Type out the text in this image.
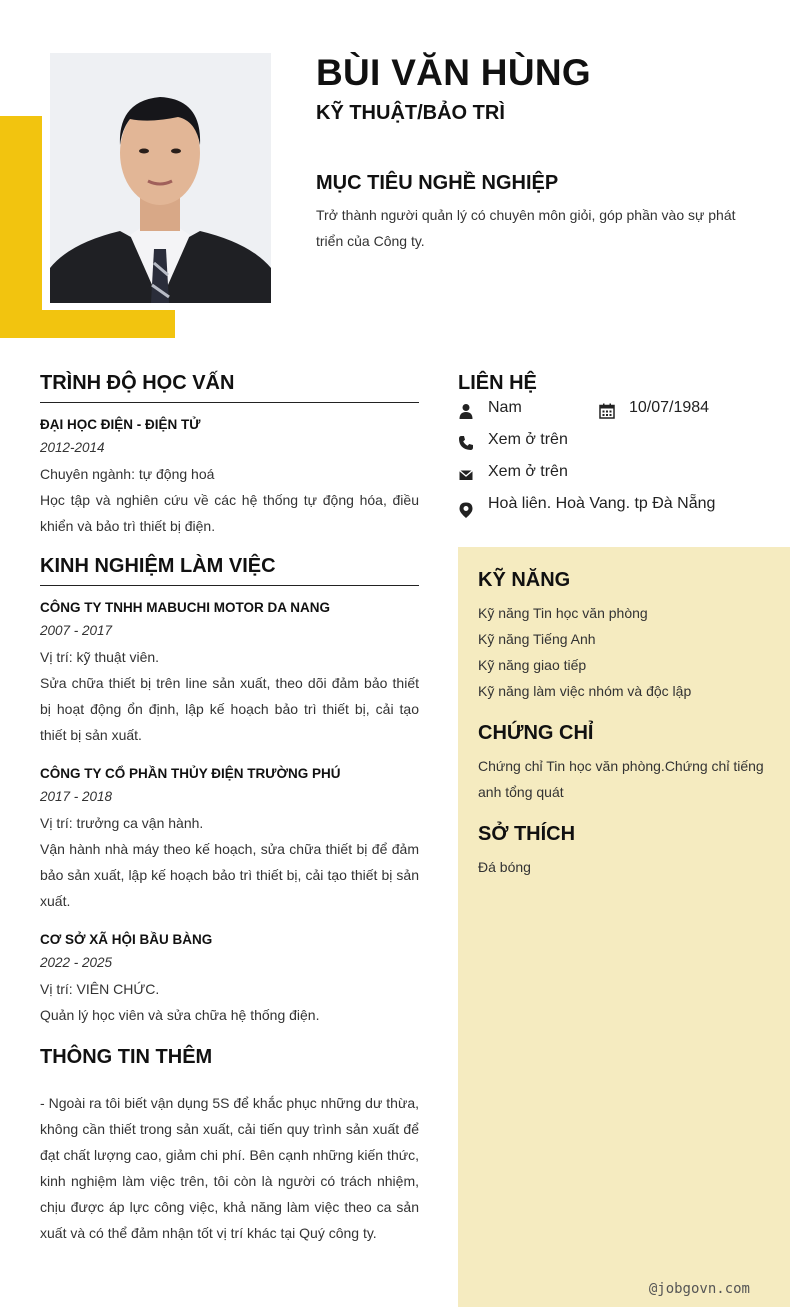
BÙI VĂN HÙNG
KỸ THUẬT/BẢO TRÌ
MỤC TIÊU NGHỀ NGHIỆP

Trở thành người quản lý có chuyên môn giỏi, góp phần vào sự phát triển của Công ty.

TRÌNH ĐỘ HỌC VẤN
ĐẠI HỌC ĐIỆN - ĐIỆN TỬ
2012-2014
Chuyên ngành: tự động hoá
Học tập và nghiên cứu về các hệ thống tự động hóa, điều khiển và bảo trì thiết bị điện.
KINH NGHIỆM LÀM VIỆC
CÔNG TY TNHH MABUCHI MOTOR DA NANG
2007 - 2017
Vị trí: kỹ thuật viên.
Sửa chữa thiết bị trên line sản xuất, theo dõi đảm bảo thiết bị hoạt động ổn định, lập kế hoạch bảo trì thiết bị, cải tạo thiết bị sản xuất.
CÔNG TY CỔ PHẦN THỦY ĐIỆN TRƯỜNG PHÚ
2017 - 2018
Vị trí: trưởng ca vận hành.
Vận hành nhà máy theo kế hoạch, sửa chữa thiết bị để đảm bảo sản xuất, lập kế hoạch bảo trì thiết bị, cải tạo thiết bị sản xuất.
CƠ SỞ XÃ HỘI BẦU BÀNG
2022 - 2025
Vị trí: VIÊN CHỨC.
Quản lý học viên và sửa chữa hệ thống điện.
THÔNG TIN THÊM
- Ngoài ra tôi biết vận dụng 5S để khắc phục những dư thừa, không cần thiết trong sản xuất, cải tiến quy trình sản xuất để đạt chất lượng cao, giảm chi phí. Bên cạnh những kiến thức, kinh nghiệm làm việc trên, tôi còn là người có trách nhiệm, chịu được áp lực công việc, khả năng làm việc theo ca sản xuất và có thể đảm nhận tốt vị trí khác tại Quý công ty.
LIÊN HỆ
Nam	10/07/1984
Xem ở trên
Xem ở trên
Hoà liên. Hoà Vang. tp Đà Nẵng
KỸ NĂNG
Kỹ năng Tin học văn phòng
Kỹ năng Tiếng Anh
Kỹ năng giao tiếp
Kỹ năng làm việc nhóm và độc lập
CHỨNG CHỈ
Chứng chỉ Tin học văn phòng.Chứng chỉ tiếng anh tổng quát
SỞ THÍCH
Đá bóng
@jobgovn.com
